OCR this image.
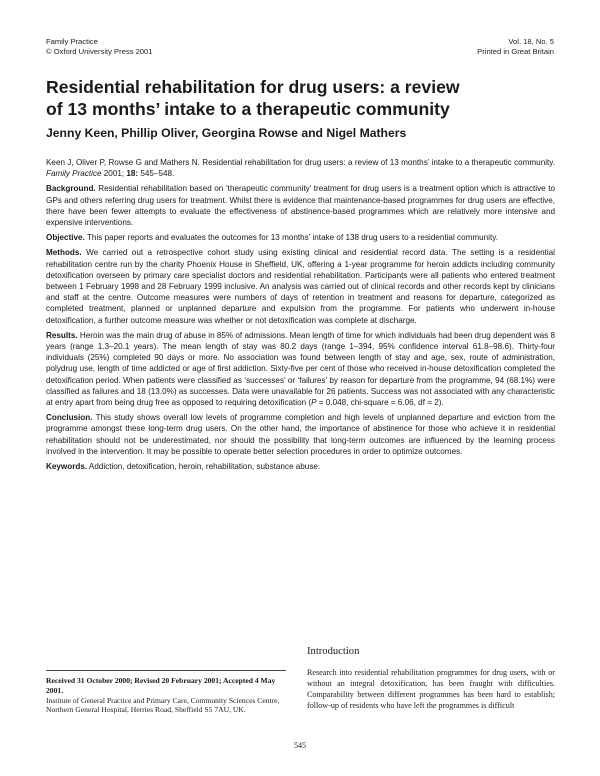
Family Practice
© Oxford University Press 2001
Vol. 18, No. 5
Printed in Great Britain
Residential rehabilitation for drug users: a review
of 13 months’ intake to a therapeutic community
Jenny Keen, Phillip Oliver, Georgina Rowse and Nigel Mathers

Keen J, Oliver P, Rowse G and Mathers N. Residential rehabilitation for drug users: a review of 13 months’ intake to a therapeutic community. Family Practice 2001; 18: 545–548.

Background. Residential rehabilitation based on ‘therapeutic community’ treatment for drug users is a treatment option which is attractive to GPs and others referring drug users for treatment. Whilst there is evidence that maintenance-based programmes for drug users are effective, there have been fewer attempts to evaluate the effectiveness of abstinence-based programmes which are relatively more intensive and expensive interventions.

Objective. This paper reports and evaluates the outcomes for 13 months’ intake of 138 drug users to a residential community.

Methods. We carried out a retrospective cohort study using existing clinical and residential record data. The setting is a residential rehabilitation centre run by the charity Phoenix House in Sheffield, UK, offering a 1-year programme for heroin addicts including community detoxification overseen by primary care specialist doctors and residential rehabilitation. Participants were all patients who entered treatment between 1 February 1998 and 28 February 1999 inclusive. An analysis was carried out of clinical records and other records kept by clinicians and staff at the centre. Outcome measures were numbers of days of retention in treatment and reasons for departure, categorized as completed treatment, planned or unplanned departure and expulsion from the programme. For patients who underwent in-house detoxification, a further outcome measure was whether or not detoxification was complete at discharge.

Results. Heroin was the main drug of abuse in 85% of admissions. Mean length of time for which individuals had been drug dependent was 8 years (range 1.3–20.1 years). The mean length of stay was 80.2 days (range 1–394, 95% confidence interval 61.8–98.6). Thirty-four individuals (25%) completed 90 days or more. No association was found between length of stay and age, sex, route of administration, polydrug use, length of time addicted or age of first addiction. Sixty-five per cent of those who received in-house detoxification completed the detoxification period. When patients were classified as ‘successes’ or ‘failures’ by reason for departure from the programme, 94 (68.1%) were classified as failures and 18 (13.0%) as successes. Data were unavailable for 26 patients. Success was not associated with any characteristic at entry apart from being drug free as opposed to requiring detoxification (P = 0.048, chi-square = 6.06, df = 2).

Conclusion. This study shows overall low levels of programme completion and high levels of unplanned departure and eviction from the programme amongst these long-term drug users. On the other hand, the importance of abstinence for those who achieve it in residential rehabilitation should not be underestimated, nor should the possibility that long-term outcomes are influenced by the learning process involved in the intervention. It may be possible to operate better selection procedures in order to optimize outcomes.

Keywords. Addiction, detoxification, heroin, rehabilitation, substance abuse.

Received 31 October 2000; Revised 20 February 2001; Accepted 4 May 2001.

Institute of General Practice and Primary Care, Community Sciences Centre, Northern General Hospital, Herries Road, Sheffield S5 7AU, UK.

Introduction

Research into residential rehabilitation programmes for drug users, with or without an integral detoxification, has been fraught with difficulties. Comparability between different programmes has been hard to establish; follow-up of residents who have left the programmes is difficult

545
